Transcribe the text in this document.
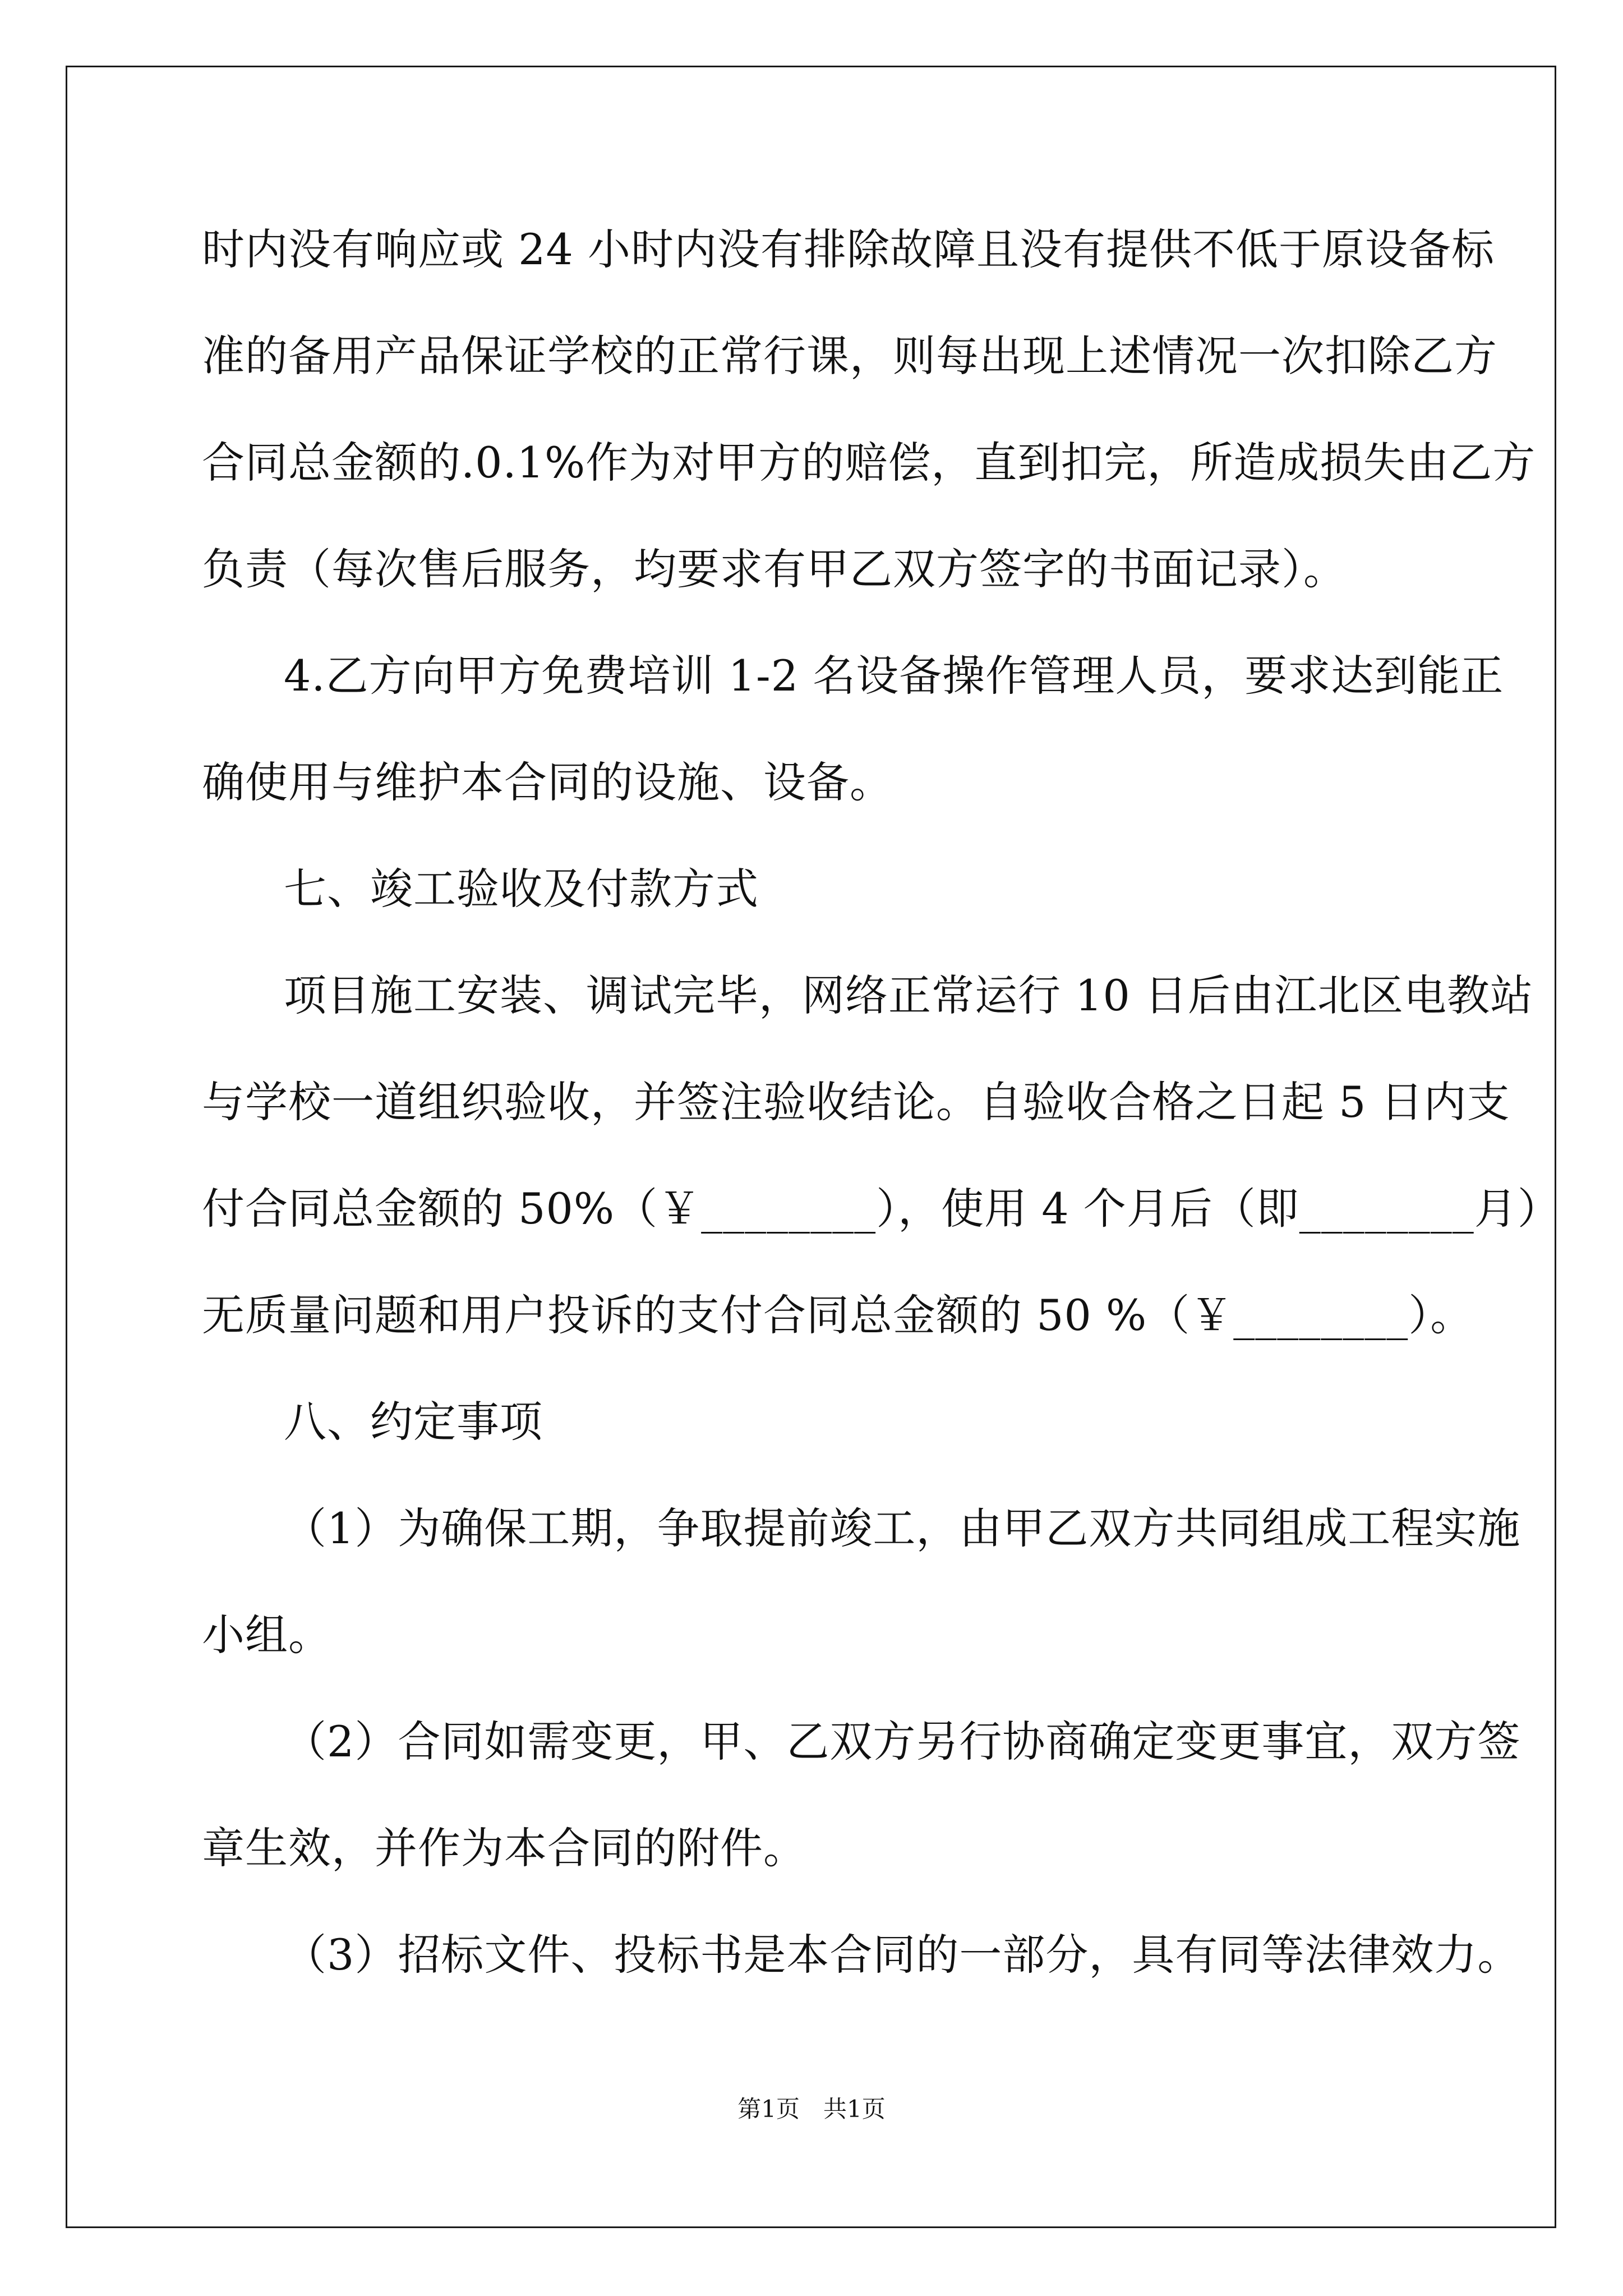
时内没有响应或 24 小时内没有排除故障且没有提供不低于原设备标
准的备用产品保证学校的正常行课，则每出现上述情况一次扣除乙方
合同总金额的.0.1%作为对甲方的赔偿，直到扣完，所造成损失由乙方
负责（每次售后服务，均要求有甲乙双方签字的书面记录）。
4.乙方向甲方免费培训 1-2 名设备操作管理人员，要求达到能正
确使用与维护本合同的设施、设备。
七、竣工验收及付款方式
项目施工安装、调试完毕，网络正常运行 10 日后由江北区电教站
与学校一道组织验收，并签注验收结论。自验收合格之日起 5 日内支
付合同总金额的 50%（￥________），使用 4 个月后（即________月）
无质量问题和用户投诉的支付合同总金额的 50 %（￥________）。
八、约定事项
（1）为确保工期，争取提前竣工，由甲乙双方共同组成工程实施
小组。
（2）合同如需变更，甲、乙双方另行协商确定变更事宜，双方签
章生效，并作为本合同的附件。
（3）招标文件、投标书是本合同的一部分，具有同等法律效力。
第1页　共1页
